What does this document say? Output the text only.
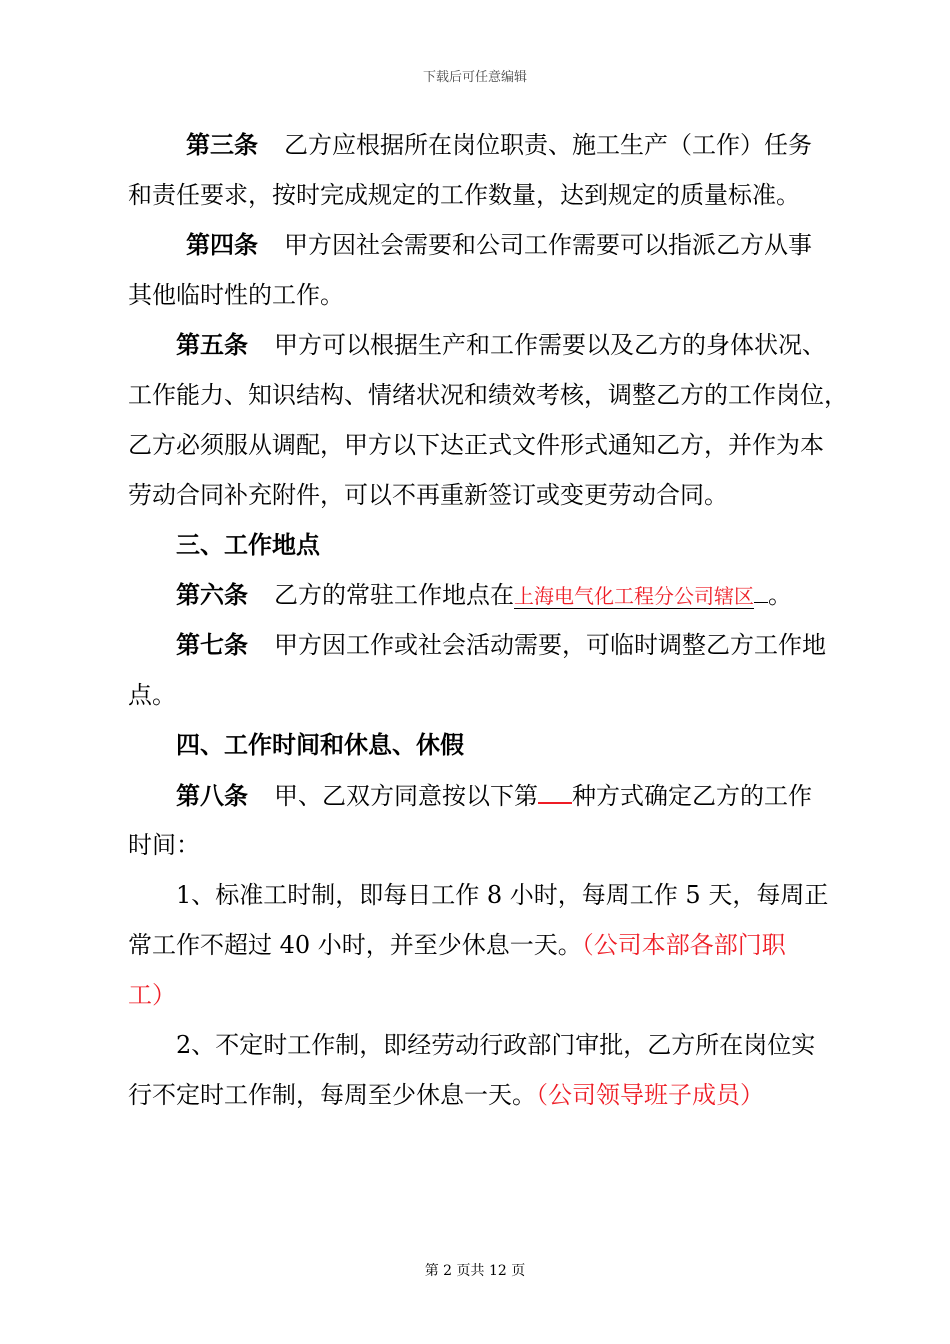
下载后可任意编辑
第三条 乙方应根据所在岗位职责、施工生产（工作）任务
和责任要求，按时完成规定的工作数量，达到规定的质量标准。
第四条 甲方因社会需要和公司工作需要可以指派乙方从事
其他临时性的工作。
第五条 甲方可以根据生产和工作需要以及乙方的身体状况、
工作能力、知识结构、情绪状况和绩效考核，调整乙方的工作岗位，
乙方必须服从调配，甲方以下达正式文件形式通知乙方，并作为本
劳动合同补充附件，可以不再重新签订或变更劳动合同。
三、工作地点
第六条 乙方的常驻工作地点在上海电气化工程分公司辖区 。
第七条 甲方因工作或社会活动需要，可临时调整乙方工作地
点。
四、工作时间和休息、休假
第八条 甲、乙双方同意按以下第 种方式确定乙方的工作
时间：
1、标准工时制，即每日工作 8 小时，每周工作 5 天，每周正
常工作不超过 40 小时，并至少休息一天。（公司本部各部门职
工）
2、不定时工作制，即经劳动行政部门审批，乙方所在岗位实
行不定时工作制，每周至少休息一天。（公司领导班子成员）
第 2 页共 12 页
